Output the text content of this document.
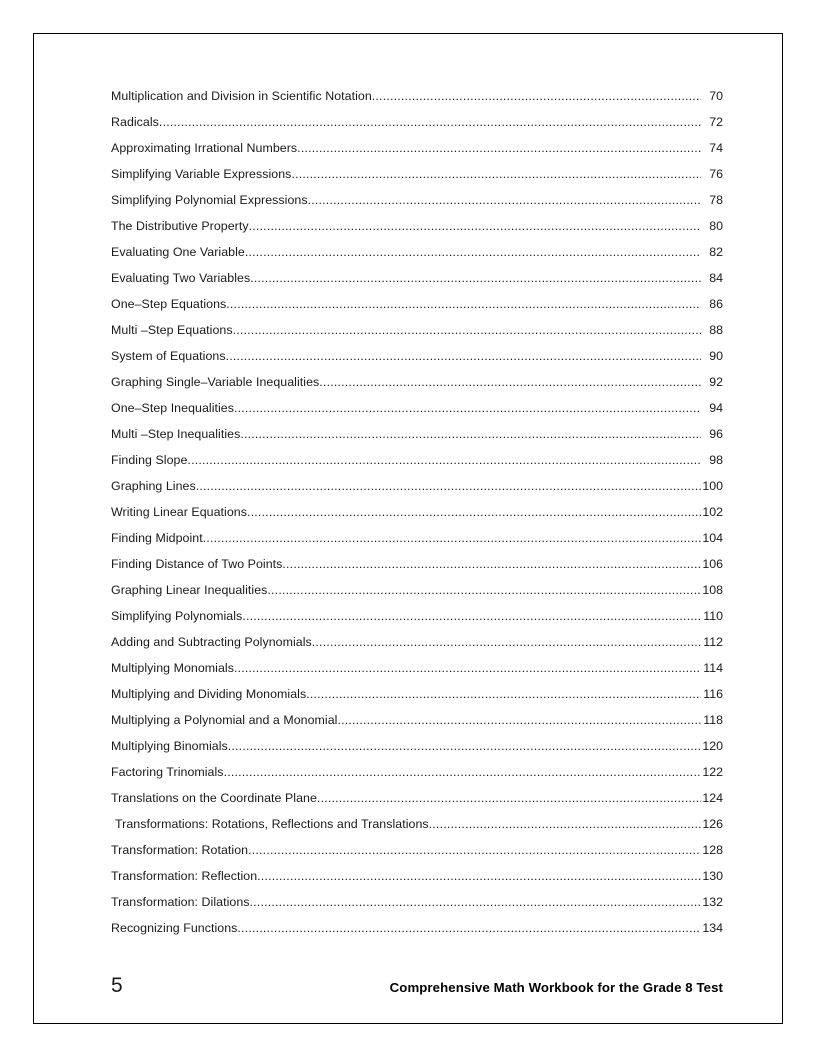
Multiplication and Division in Scientific Notation .....	70
Radicals .....	72
Approximating Irrational Numbers .....	74
Simplifying Variable Expressions .....	76
Simplifying Polynomial Expressions .....	78
The Distributive Property .....	80
Evaluating One Variable .....	82
Evaluating Two Variables .....	84
One–Step Equations .....	86
Multi –Step Equations .....	88
System of Equations .....	90
Graphing Single–Variable Inequalities .....	92
One–Step Inequalities .....	94
Multi –Step Inequalities .....	96
Finding Slope .....	98
Graphing Lines .....	100
Writing Linear Equations .....	102
Finding Midpoint .....	104
Finding Distance of Two Points .....	106
Graphing Linear Inequalities .....	108
Simplifying Polynomials .....	110
Adding and Subtracting Polynomials .....	112
Multiplying Monomials .....	114
Multiplying and Dividing Monomials .....	116
Multiplying a Polynomial and a Monomial .....	118
Multiplying Binomials .....	120
Factoring Trinomials .....	122
Translations on the Coordinate Plane .....	124
Transformations: Rotations, Reflections and Translations .....	126
Transformation: Rotation .....	128
Transformation: Reflection .....	130
Transformation: Dilations .....	132
Recognizing Functions .....	134
5	Comprehensive Math Workbook for the Grade 8 Test
